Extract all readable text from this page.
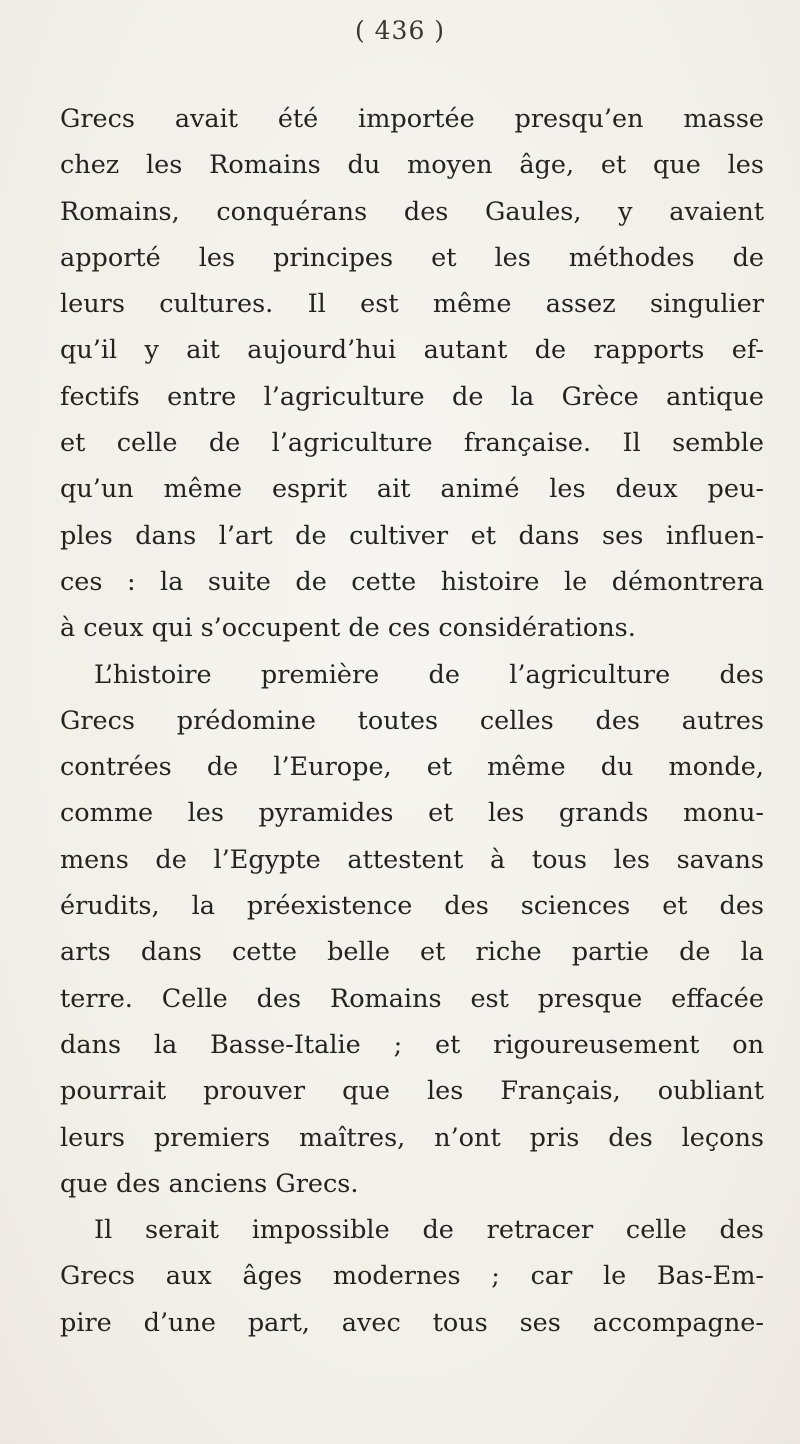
( 436 )
Grecs avait été importée presqu’en masse
chez les Romains du moyen âge, et que les
Romains, conquérans des Gaules, y avaient
apporté les principes et les méthodes de
leurs cultures. Il est même assez singulier
qu’il y ait aujourd’hui autant de rapports ef-
fectifs entre l’agriculture de la Grèce antique
et celle de l’agriculture française. Il semble
qu’un même esprit ait animé les deux peu-
ples dans l’art de cultiver et dans ses influen-
ces : la suite de cette histoire le démontrera
à ceux qui s’occupent de ces considérations.
L’histoire première de l’agriculture des
Grecs prédomine toutes celles des autres
contrées de l’Europe, et même du monde,
comme les pyramides et les grands monu-
mens de l’Egypte attestent à tous les savans
érudits, la préexistence des sciences et des
arts dans cette belle et riche partie de la
terre. Celle des Romains est presque effacée
dans la Basse-Italie ; et rigoureusement on
pourrait prouver que les Français, oubliant
leurs premiers maîtres, n’ont pris des leçons
que des anciens Grecs.
Il serait impossible de retracer celle des
Grecs aux âges modernes ; car le Bas-Em-
pire d’une part, avec tous ses accompagne-
